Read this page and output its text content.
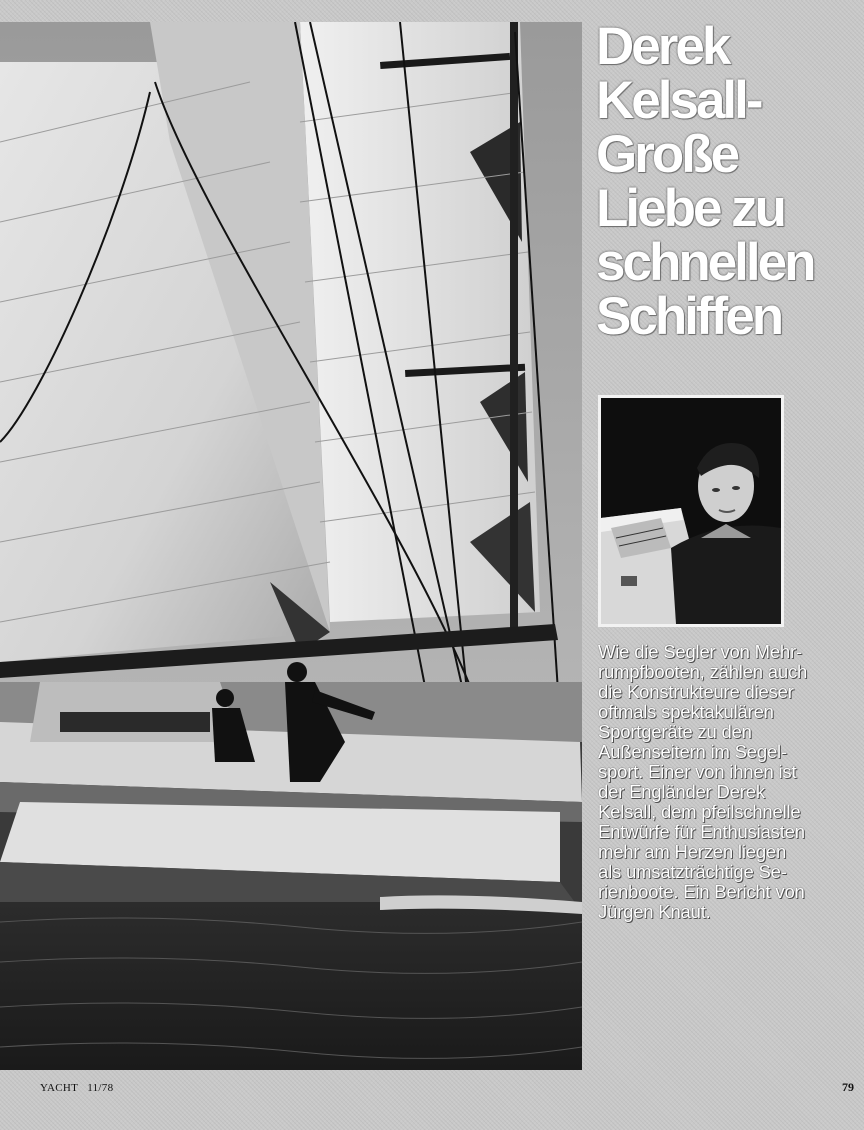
Derek
Kelsall-
Große
Liebe zu
schnellen
Schiffen

Wie die Segler von Mehr-
rumpfbooten, zählen auch
die Konstrukteure dieser
oftmals spektakulären
Sportgeräte zu den
Außenseitern im Segel-
sport. Einer von ihnen ist
der Engländer Derek
Kelsall, dem pfeilschnelle
Entwürfe für Enthusiasten
mehr am Herzen liegen
als umsatzträchtige Se-
rienboote. Ein Bericht von
Jürgen Knaut.

YACHT 11/78	79
